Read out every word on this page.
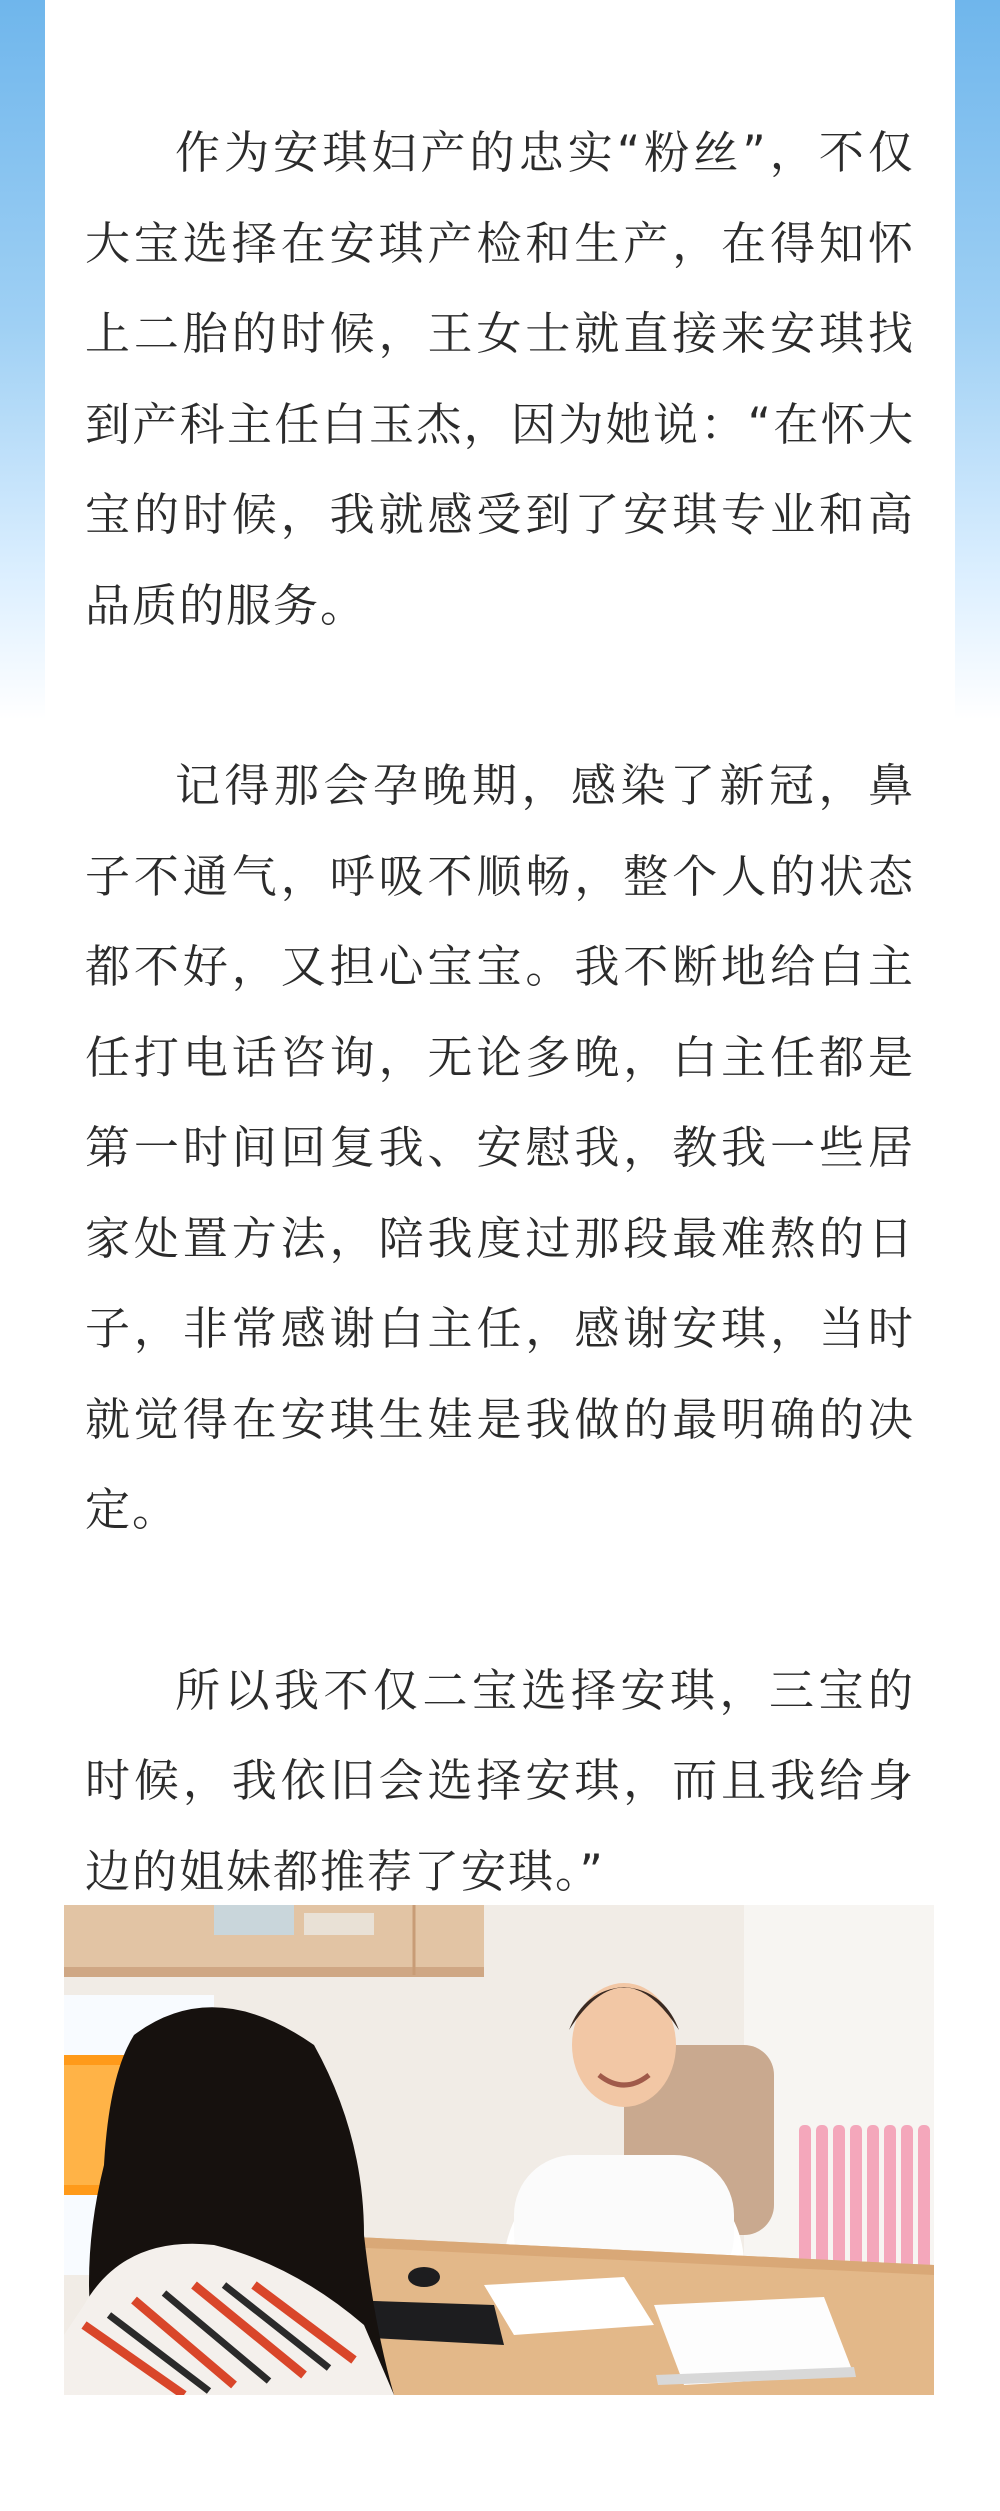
作为安琪妇产的忠实“粉丝”，不仅大宝选择在安琪产检和生产，在得知怀上二胎的时候，王女士就直接来安琪找到产科主任白玉杰，因为她说：“在怀大宝的时候，我就感受到了安琪专业和高品质的服务。

记得那会孕晚期，感染了新冠，鼻子不通气，呼吸不顺畅，整个人的状态都不好，又担心宝宝。我不断地给白主任打电话咨询，无论多晚，白主任都是第一时间回复我、安慰我，教我一些居家处置方法，陪我度过那段最难熬的日子，非常感谢白主任，感谢安琪，当时就觉得在安琪生娃是我做的最明确的决定。

所以我不仅二宝选择安琪，三宝的时候，我依旧会选择安琪，而且我给身边的姐妹都推荐了安琪。”
